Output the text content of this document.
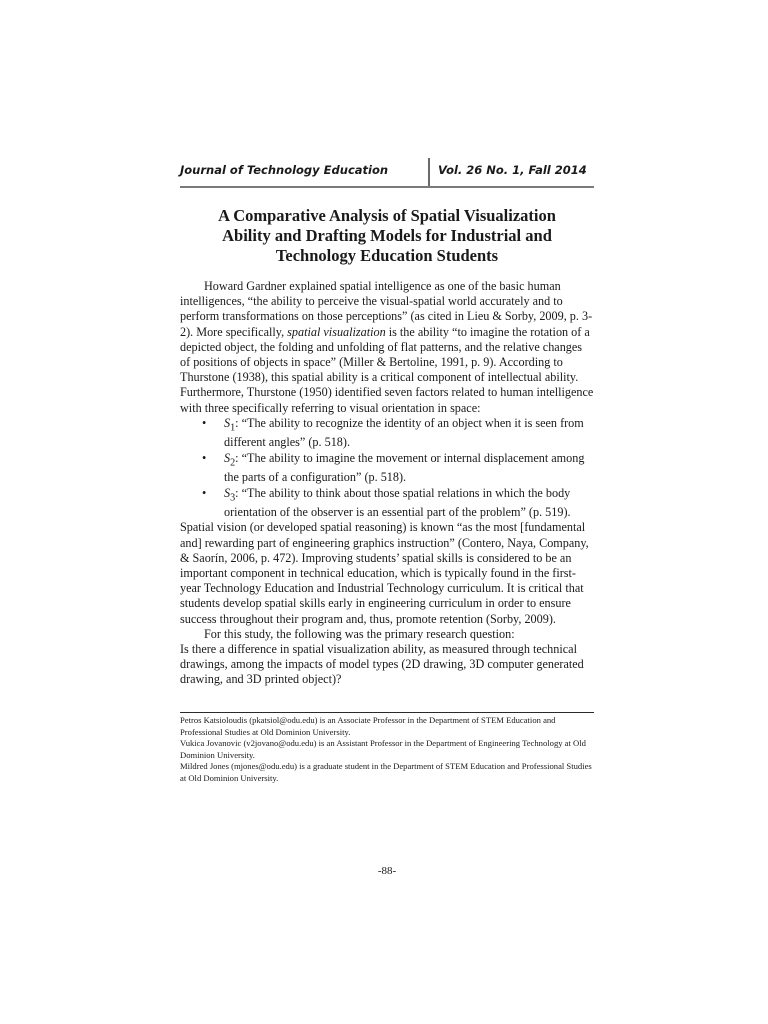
Journal of Technology Education	Vol. 26 No. 1, Fall 2014
A Comparative Analysis of Spatial Visualization
Ability and Drafting Models for Industrial and
Technology Education Students

Howard Gardner explained spatial intelligence as one of the basic human intelligences, “the ability to perceive the visual-spatial world accurately and to perform transformations on those perceptions” (as cited in Lieu & Sorby, 2009, p. 3-2). More specifically, spatial visualization is the ability “to imagine the rotation of a depicted object, the folding and unfolding of flat patterns, and the relative changes of positions of objects in space” (Miller & Bertoline, 1991, p. 9). According to Thurstone (1938), this spatial ability is a critical component of intellectual ability. Furthermore, Thurstone (1950) identified seven factors related to human intelligence with three specifically referring to visual orientation in space:

• $S_1$: “The ability to recognize the identity of an object when it is seen from different angles” (p. 518).
• $S_2$: “The ability to imagine the movement or internal displacement among the parts of a configuration” (p. 518).
• $S_3$: “The ability to think about those spatial relations in which the body orientation of the observer is an essential part of the problem” (p. 519).

Spatial vision (or developed spatial reasoning) is known “as the most [fundamental and] rewarding part of engineering graphics instruction” (Contero, Naya, Company, & Saorín, 2006, p. 472). Improving students’ spatial skills is considered to be an important component in technical education, which is typically found in the first-year Technology Education and Industrial Technology curriculum. It is critical that students develop spatial skills early in engineering curriculum in order to ensure success throughout their program and, thus, promote retention (Sorby, 2009).

For this study, the following was the primary research question:

Is there a difference in spatial visualization ability, as measured through technical drawings, among the impacts of model types (2D drawing, 3D computer generated drawing, and 3D printed object)?

Petros Katsioloudis (pkatsiol@odu.edu) is an Associate Professor in the Department of STEM Education and Professional Studies at Old Dominion University.

Vukica Jovanovic (v2jovano@odu.edu) is an Assistant Professor in the Department of Engineering Technology at Old Dominion University.

Mildred Jones (mjones@odu.edu) is a graduate student in the Department of STEM Education and Professional Studies at Old Dominion University.

-88-
